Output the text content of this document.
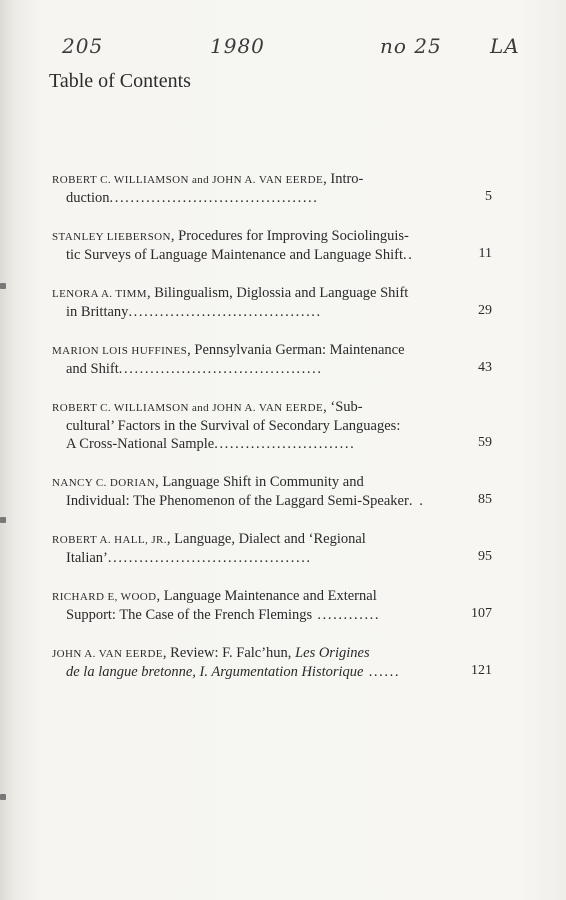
205	1980	no 25 LA
Table of Contents
ROBERT C. WILLIAMSON and JOHN A. VAN EERDE, Intro-
duction........................................	5
STANLEY LIEBERSON, Procedures for Improving Sociolinguis-
tic Surveys of Language Maintenance and Language Shift..	11
LENORA A. TIMM, Bilingualism, Diglossia and Language Shift
in Brittany.....................................	29
MARION LOIS HUFFINES, Pennsylvania German: Maintenance
and Shift.......................................	43
ROBERT C. WILLIAMSON and JOHN A. VAN EERDE, ‘Sub-
cultural’ Factors in the Survival of Secondary Languages:
A Cross-National Sample...........................	59
NANCY C. DORIAN, Language Shift in Community and
Individual: The Phenomenon of the Laggard Semi-Speaker. .	85
ROBERT A. HALL, JR., Language, Dialect and ‘Regional
Italian’.......................................	95
RICHARD E, WOOD, Language Maintenance and External
Support: The Case of the French Flemings ............	107
JOHN A. VAN EERDE, Review: F. Falc’hun, Les Origines
de la langue bretonne, I. Argumentation Historique ......	121
